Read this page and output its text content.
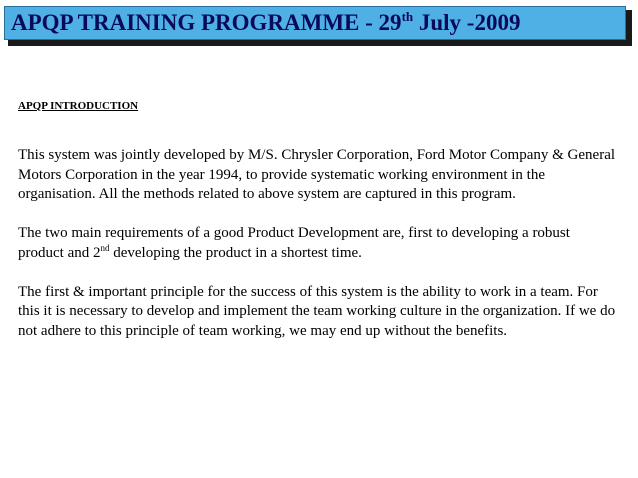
APQP TRAINING PROGRAMME - 29th July -2009
APQP INTRODUCTION

This system was jointly developed by M/S. Chrysler Corporation, Ford Motor Company & General Motors Corporation in the year 1994, to provide systematic working environment in the organisation. All the methods related to above system are captured in this program.

The two main requirements of a good Product Development are, first to developing a robust product and 2nd developing the product in a shortest time.

The first & important principle for the success of this system is the ability to work in a team. For this it is necessary to develop and implement the team working culture in the organization. If we do not adhere to this principle of team working, we may end up without the benefits.
